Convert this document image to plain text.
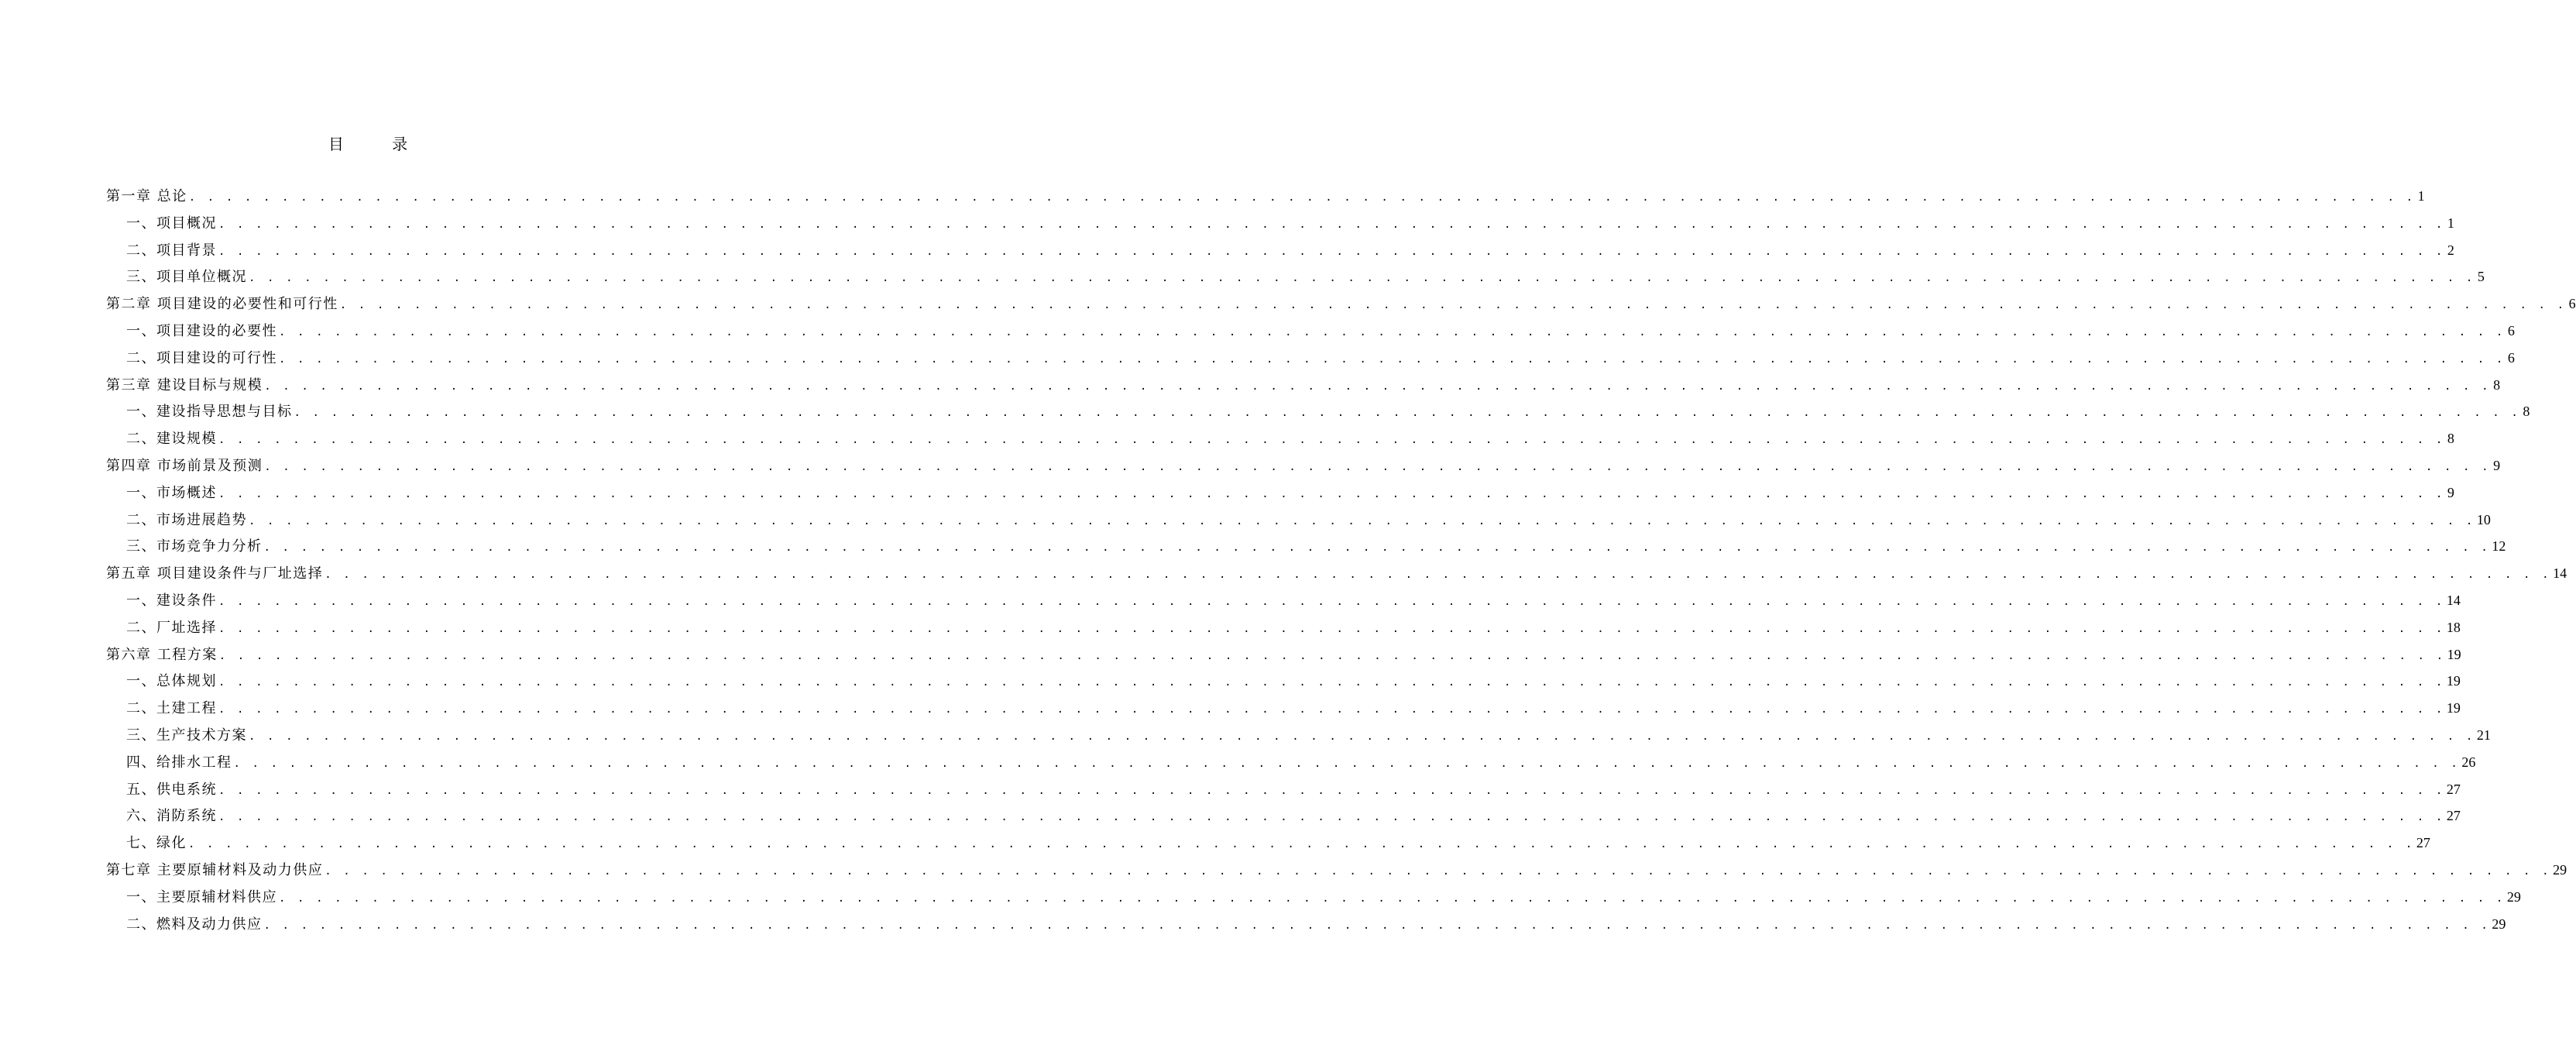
目 录
第一章 总论 . . . . . . . . . . . . . . . . . . . . . . . . . . . . . . . . . . . . . . . . . . . . . . . . . . . . . . . . . . . . . . . . . . . . . . . . . . . . . . . . . . . . . . . . . . . . . . . . . . . . . . . . . . . . . . . . . . . . . . . . 1
一、项目概况 . . . . . . . . . . . . . . . . . . . . . . . . . . . . . . . . . . . . . . . . . . . . . . . . . . . . . . . . . . . . . . . . . . . . . . . . . . . . . . . . . . . . . . . . . . . . . . . . . . . . . . . . . . . . . . . . . . . . . . . . 1
二、项目背景 . . . . . . . . . . . . . . . . . . . . . . . . . . . . . . . . . . . . . . . . . . . . . . . . . . . . . . . . . . . . . . . . . . . . . . . . . . . . . . . . . . . . . . . . . . . . . . . . . . . . . . . . . . . . . . . . . . . . . . . . 2
三、项目单位概况 . . . . . . . . . . . . . . . . . . . . . . . . . . . . . . . . . . . . . . . . . . . . . . . . . . . . . . . . . . . . . . . . . . . . . . . . . . . . . . . . . . . . . . . . . . . . . . . . . . . . . . . . . . . . . . . . . . . . . . . . 5
第二章 项目建设的必要性和可行性 . . . . . . . . . . . . . . . . . . . . . . . . . . . . . . . . . . . . . . . . . . . . . . . . . . . . . . . . . . . . . . . . . . . . . . . . . . . . . . . . . . . . . . . . . . . . . . . . . . . . . . . . . . . . . . . . . . . . . . . . 6
一、项目建设的必要性 . . . . . . . . . . . . . . . . . . . . . . . . . . . . . . . . . . . . . . . . . . . . . . . . . . . . . . . . . . . . . . . . . . . . . . . . . . . . . . . . . . . . . . . . . . . . . . . . . . . . . . . . . . . . . . . . . . . . . . . . 6
二、项目建设的可行性 . . . . . . . . . . . . . . . . . . . . . . . . . . . . . . . . . . . . . . . . . . . . . . . . . . . . . . . . . . . . . . . . . . . . . . . . . . . . . . . . . . . . . . . . . . . . . . . . . . . . . . . . . . . . . . . . . . . . . . . . 6
第三章 建设目标与规模 . . . . . . . . . . . . . . . . . . . . . . . . . . . . . . . . . . . . . . . . . . . . . . . . . . . . . . . . . . . . . . . . . . . . . . . . . . . . . . . . . . . . . . . . . . . . . . . . . . . . . . . . . . . . . . . . . . . . . . . . 8
一、建设指导思想与目标 . . . . . . . . . . . . . . . . . . . . . . . . . . . . . . . . . . . . . . . . . . . . . . . . . . . . . . . . . . . . . . . . . . . . . . . . . . . . . . . . . . . . . . . . . . . . . . . . . . . . . . . . . . . . . . . . . . . . . . . . 8
二、建设规模 . . . . . . . . . . . . . . . . . . . . . . . . . . . . . . . . . . . . . . . . . . . . . . . . . . . . . . . . . . . . . . . . . . . . . . . . . . . . . . . . . . . . . . . . . . . . . . . . . . . . . . . . . . . . . . . . . . . . . . . . 8
第四章 市场前景及预测 . . . . . . . . . . . . . . . . . . . . . . . . . . . . . . . . . . . . . . . . . . . . . . . . . . . . . . . . . . . . . . . . . . . . . . . . . . . . . . . . . . . . . . . . . . . . . . . . . . . . . . . . . . . . . . . . . . . . . . . . 9
一、市场概述 . . . . . . . . . . . . . . . . . . . . . . . . . . . . . . . . . . . . . . . . . . . . . . . . . . . . . . . . . . . . . . . . . . . . . . . . . . . . . . . . . . . . . . . . . . . . . . . . . . . . . . . . . . . . . . . . . . . . . . . . 9
二、市场进展趋势 . . . . . . . . . . . . . . . . . . . . . . . . . . . . . . . . . . . . . . . . . . . . . . . . . . . . . . . . . . . . . . . . . . . . . . . . . . . . . . . . . . . . . . . . . . . . . . . . . . . . . . . . . . . . . . . . . . . . . . . . 10
三、市场竞争力分析 . . . . . . . . . . . . . . . . . . . . . . . . . . . . . . . . . . . . . . . . . . . . . . . . . . . . . . . . . . . . . . . . . . . . . . . . . . . . . . . . . . . . . . . . . . . . . . . . . . . . . . . . . . . . . . . . . . . . . . . . 12
第五章 项目建设条件与厂址选择 . . . . . . . . . . . . . . . . . . . . . . . . . . . . . . . . . . . . . . . . . . . . . . . . . . . . . . . . . . . . . . . . . . . . . . . . . . . . . . . . . . . . . . . . . . . . . . . . . . . . . . . . . . . . . . . . . . . . . . . . 14
一、建设条件 . . . . . . . . . . . . . . . . . . . . . . . . . . . . . . . . . . . . . . . . . . . . . . . . . . . . . . . . . . . . . . . . . . . . . . . . . . . . . . . . . . . . . . . . . . . . . . . . . . . . . . . . . . . . . . . . . . . . . . . . 14
二、厂址选择 . . . . . . . . . . . . . . . . . . . . . . . . . . . . . . . . . . . . . . . . . . . . . . . . . . . . . . . . . . . . . . . . . . . . . . . . . . . . . . . . . . . . . . . . . . . . . . . . . . . . . . . . . . . . . . . . . . . . . . . . 18
第六章 工程方案 . . . . . . . . . . . . . . . . . . . . . . . . . . . . . . . . . . . . . . . . . . . . . . . . . . . . . . . . . . . . . . . . . . . . . . . . . . . . . . . . . . . . . . . . . . . . . . . . . . . . . . . . . . . . . . . . . . . . . . . . 19
一、总体规划 . . . . . . . . . . . . . . . . . . . . . . . . . . . . . . . . . . . . . . . . . . . . . . . . . . . . . . . . . . . . . . . . . . . . . . . . . . . . . . . . . . . . . . . . . . . . . . . . . . . . . . . . . . . . . . . . . . . . . . . . 19
二、土建工程 . . . . . . . . . . . . . . . . . . . . . . . . . . . . . . . . . . . . . . . . . . . . . . . . . . . . . . . . . . . . . . . . . . . . . . . . . . . . . . . . . . . . . . . . . . . . . . . . . . . . . . . . . . . . . . . . . . . . . . . . 19
三、生产技术方案 . . . . . . . . . . . . . . . . . . . . . . . . . . . . . . . . . . . . . . . . . . . . . . . . . . . . . . . . . . . . . . . . . . . . . . . . . . . . . . . . . . . . . . . . . . . . . . . . . . . . . . . . . . . . . . . . . . . . . . . . 21
四、给排水工程 . . . . . . . . . . . . . . . . . . . . . . . . . . . . . . . . . . . . . . . . . . . . . . . . . . . . . . . . . . . . . . . . . . . . . . . . . . . . . . . . . . . . . . . . . . . . . . . . . . . . . . . . . . . . . . . . . . . . . . . . 26
五、供电系统 . . . . . . . . . . . . . . . . . . . . . . . . . . . . . . . . . . . . . . . . . . . . . . . . . . . . . . . . . . . . . . . . . . . . . . . . . . . . . . . . . . . . . . . . . . . . . . . . . . . . . . . . . . . . . . . . . . . . . . . . 27
六、消防系统 . . . . . . . . . . . . . . . . . . . . . . . . . . . . . . . . . . . . . . . . . . . . . . . . . . . . . . . . . . . . . . . . . . . . . . . . . . . . . . . . . . . . . . . . . . . . . . . . . . . . . . . . . . . . . . . . . . . . . . . . 27
七、绿化 . . . . . . . . . . . . . . . . . . . . . . . . . . . . . . . . . . . . . . . . . . . . . . . . . . . . . . . . . . . . . . . . . . . . . . . . . . . . . . . . . . . . . . . . . . . . . . . . . . . . . . . . . . . . . . . . . . . . . . . . 27
第七章 主要原辅材料及动力供应 . . . . . . . . . . . . . . . . . . . . . . . . . . . . . . . . . . . . . . . . . . . . . . . . . . . . . . . . . . . . . . . . . . . . . . . . . . . . . . . . . . . . . . . . . . . . . . . . . . . . . . . . . . . . . . . . . . . . . . . . 29
一、主要原辅材料供应 . . . . . . . . . . . . . . . . . . . . . . . . . . . . . . . . . . . . . . . . . . . . . . . . . . . . . . . . . . . . . . . . . . . . . . . . . . . . . . . . . . . . . . . . . . . . . . . . . . . . . . . . . . . . . . . . . . . . . . . . 29
二、燃料及动力供应 . . . . . . . . . . . . . . . . . . . . . . . . . . . . . . . . . . . . . . . . . . . . . . . . . . . . . . . . . . . . . . . . . . . . . . . . . . . . . . . . . . . . . . . . . . . . . . . . . . . . . . . . . . . . . . . . . . . . . . . . 29
